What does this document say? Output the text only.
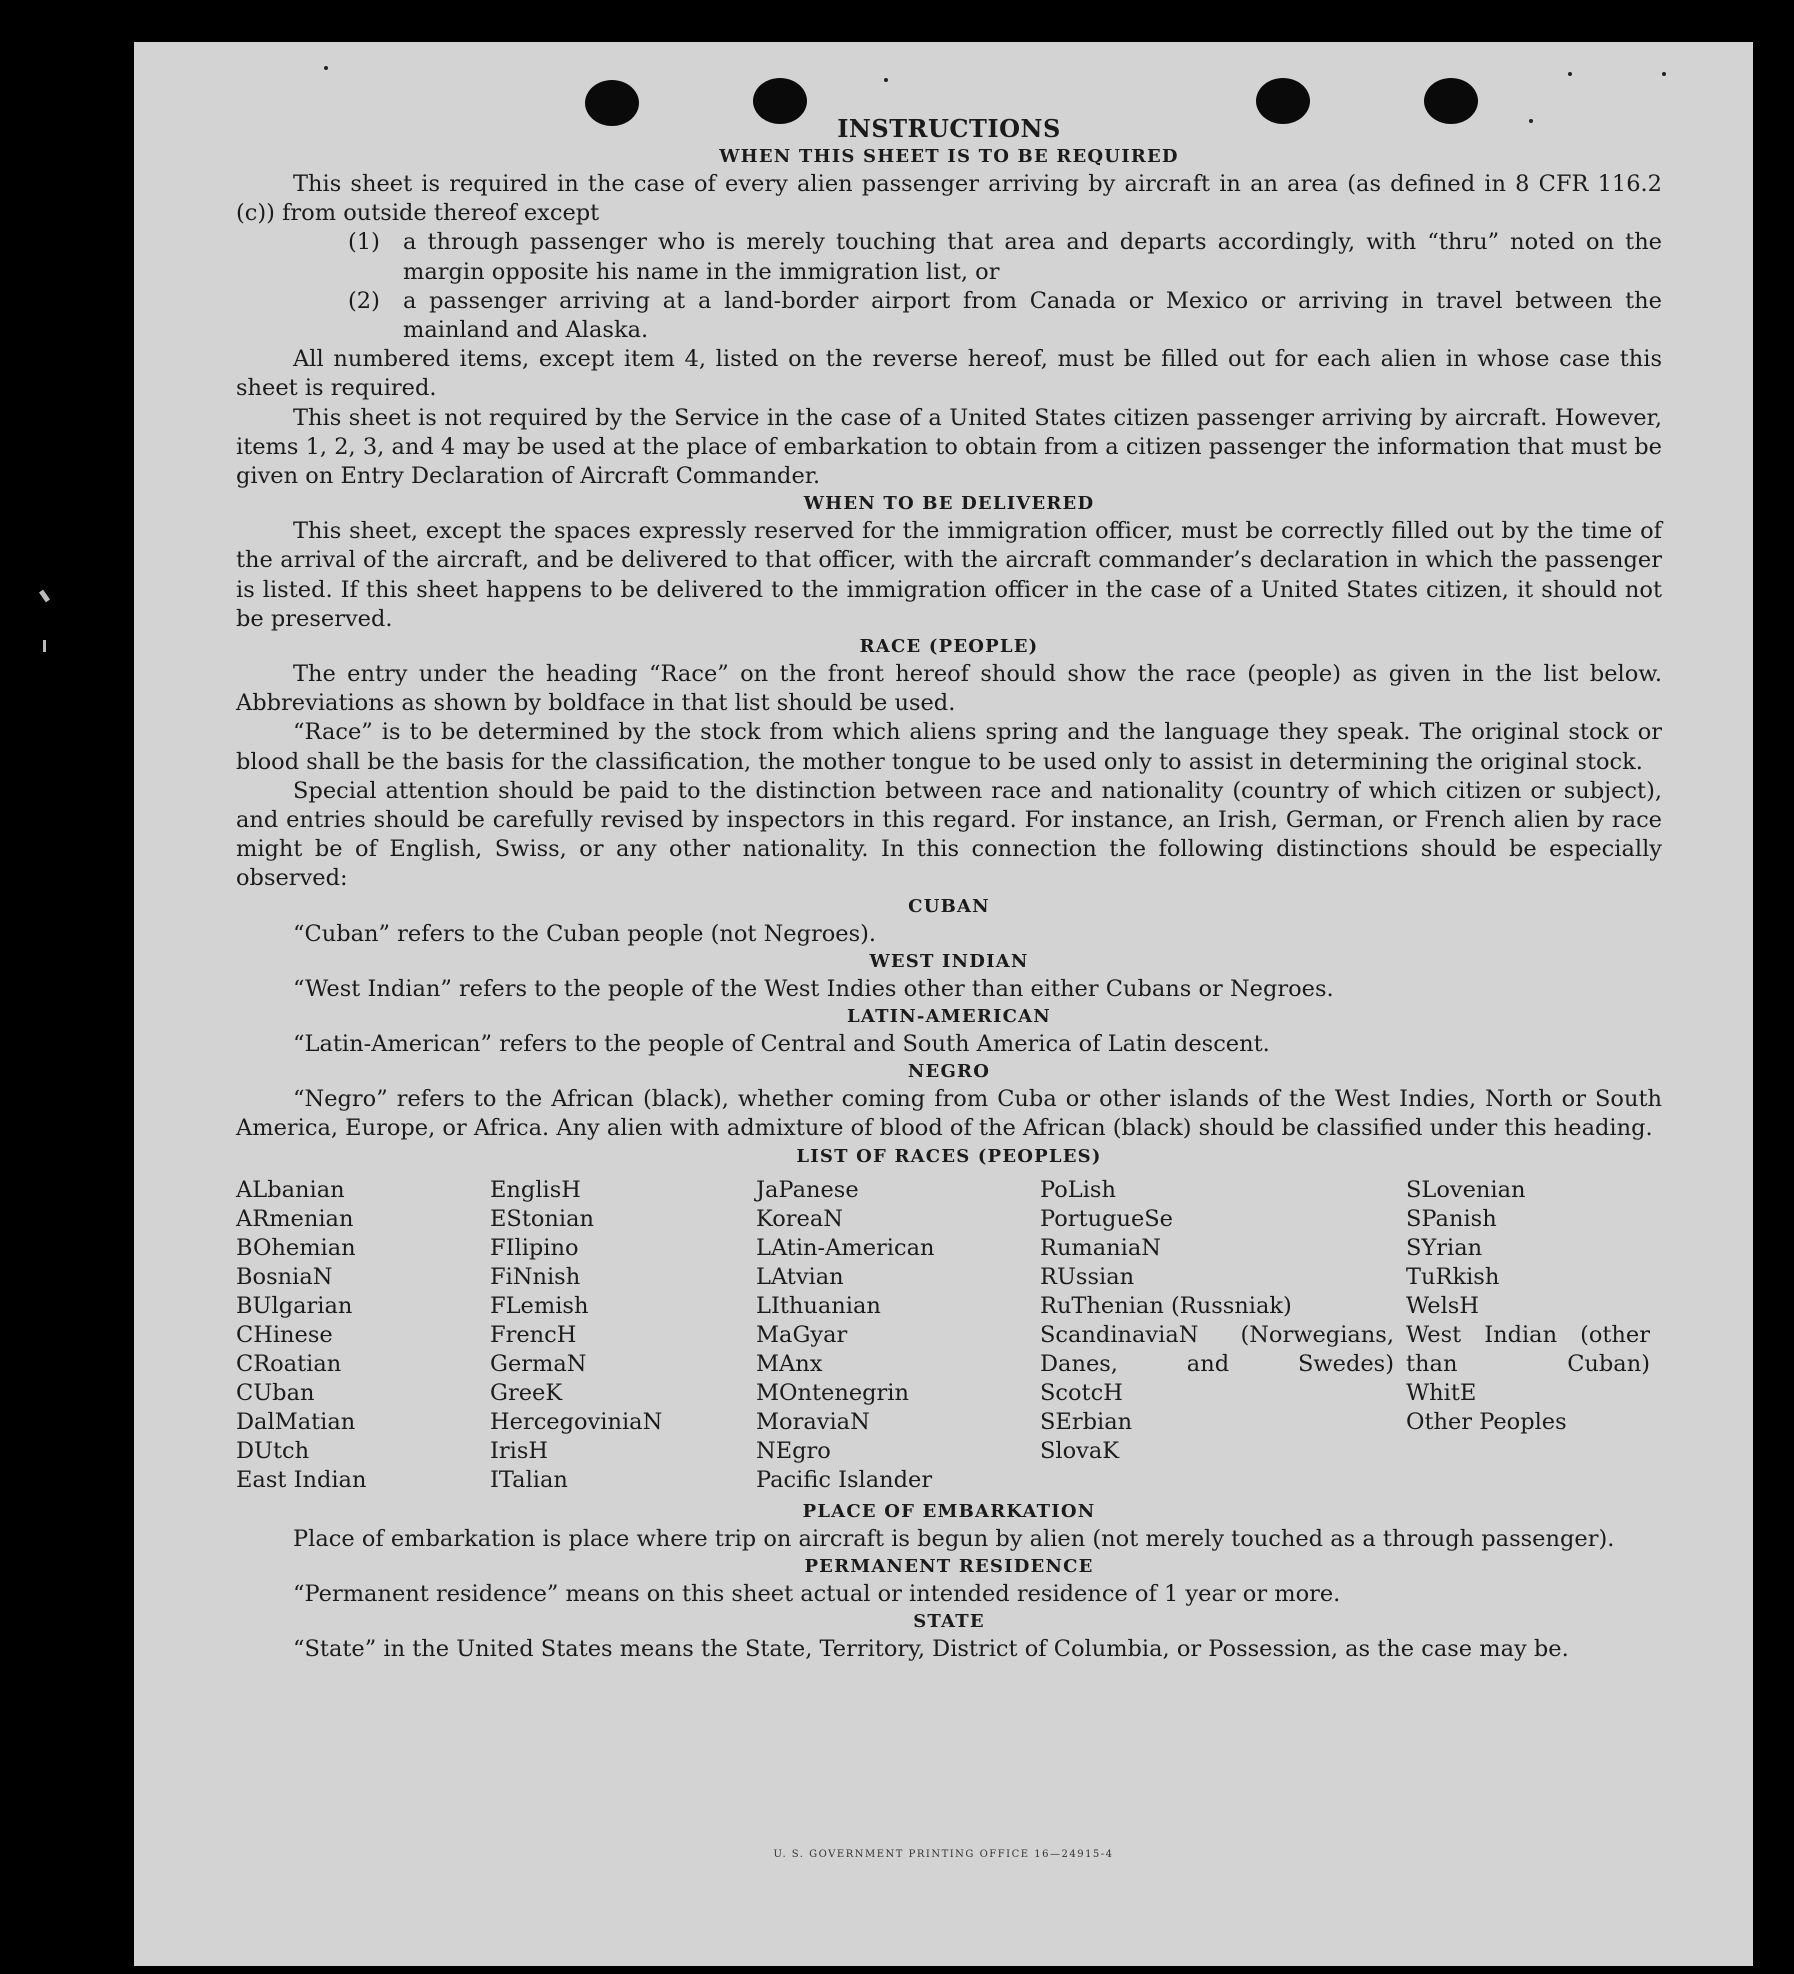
INSTRUCTIONS

WHEN THIS SHEET IS TO BE REQUIRED

This sheet is required in the case of every alien passenger arriving by aircraft in an area (as defined in 8 CFR 116.2 (c)) from outside thereof except

(1)	a through passenger who is merely touching that area and departs accordingly, with “thru” noted on the margin opposite his name in the immigration list, or
(2)	a passenger arriving at a land-border airport from Canada or Mexico or arriving in travel between the mainland and Alaska.

All numbered items, except item 4, listed on the reverse hereof, must be filled out for each alien in whose case this sheet is required.

This sheet is not required by the Service in the case of a United States citizen passenger arriving by aircraft. However, items 1, 2, 3, and 4 may be used at the place of embarkation to obtain from a citizen passenger the information that must be given on Entry Declaration of Aircraft Commander.

WHEN TO BE DELIVERED

This sheet, except the spaces expressly reserved for the immigration officer, must be correctly filled out by the time of the arrival of the aircraft, and be delivered to that officer, with the aircraft commander’s declaration in which the passenger is listed. If this sheet happens to be delivered to the immigration officer in the case of a United States citizen, it should not be preserved.

RACE (PEOPLE)

The entry under the heading “Race” on the front hereof should show the race (people) as given in the list below. Abbreviations as shown by boldface in that list should be used.

“Race” is to be determined by the stock from which aliens spring and the language they speak. The original stock or blood shall be the basis for the classification, the mother tongue to be used only to assist in determining the original stock.

Special attention should be paid to the distinction between race and nationality (country of which citizen or subject), and entries should be carefully revised by inspectors in this regard. For instance, an Irish, German, or French alien by race might be of English, Swiss, or any other nationality. In this connection the following distinctions should be especially observed:

CUBAN

“Cuban” refers to the Cuban people (not Negroes).

WEST INDIAN

“West Indian” refers to the people of the West Indies other than either Cubans or Negroes.

LATIN-AMERICAN

“Latin-American” refers to the people of Central and South America of Latin descent.

NEGRO

“Negro” refers to the African (black), whether coming from Cuba or other islands of the West Indies, North or South America, Europe, or Africa. Any alien with admixture of blood of the African (black) should be classified under this heading.

LIST OF RACES (PEOPLES)

ALbanian
ARmenian
BOhemian
BosniaN
BUlgarian
CHinese
CRoatian
CUban
DalMatian
DUtch
East Indian
EnglisH
EStonian
FIlipino
FiNnish
FLemish
FrencH
GermaN
GreeK
HercegoviniaN
IrisH
ITalian
JaPanese
KoreaN
LAtin-American
LAtvian
LIthuanian
MaGyar
MAnx
MOntenegrin
MoraviaN
NEgro
Pacific Islander
PoLish
PortugueSe
RumaniaN
RUssian
RuThenian (Russniak)
ScandinaviaN (Norwegians, Danes, and Swedes)
ScotcH
SErbian
SlovaK
SLovenian
SPanish
SYrian
TuRkish
WelsH
West Indian (other than Cuban)
WhitE
Other Peoples

PLACE OF EMBARKATION

Place of embarkation is place where trip on aircraft is begun by alien (not merely touched as a through passenger).

PERMANENT RESIDENCE

“Permanent residence” means on this sheet actual or intended residence of 1 year or more.

STATE

“State” in the United States means the State, Territory, District of Columbia, or Possession, as the case may be.

U. S. GOVERNMENT PRINTING OFFICE 16—24915-4
